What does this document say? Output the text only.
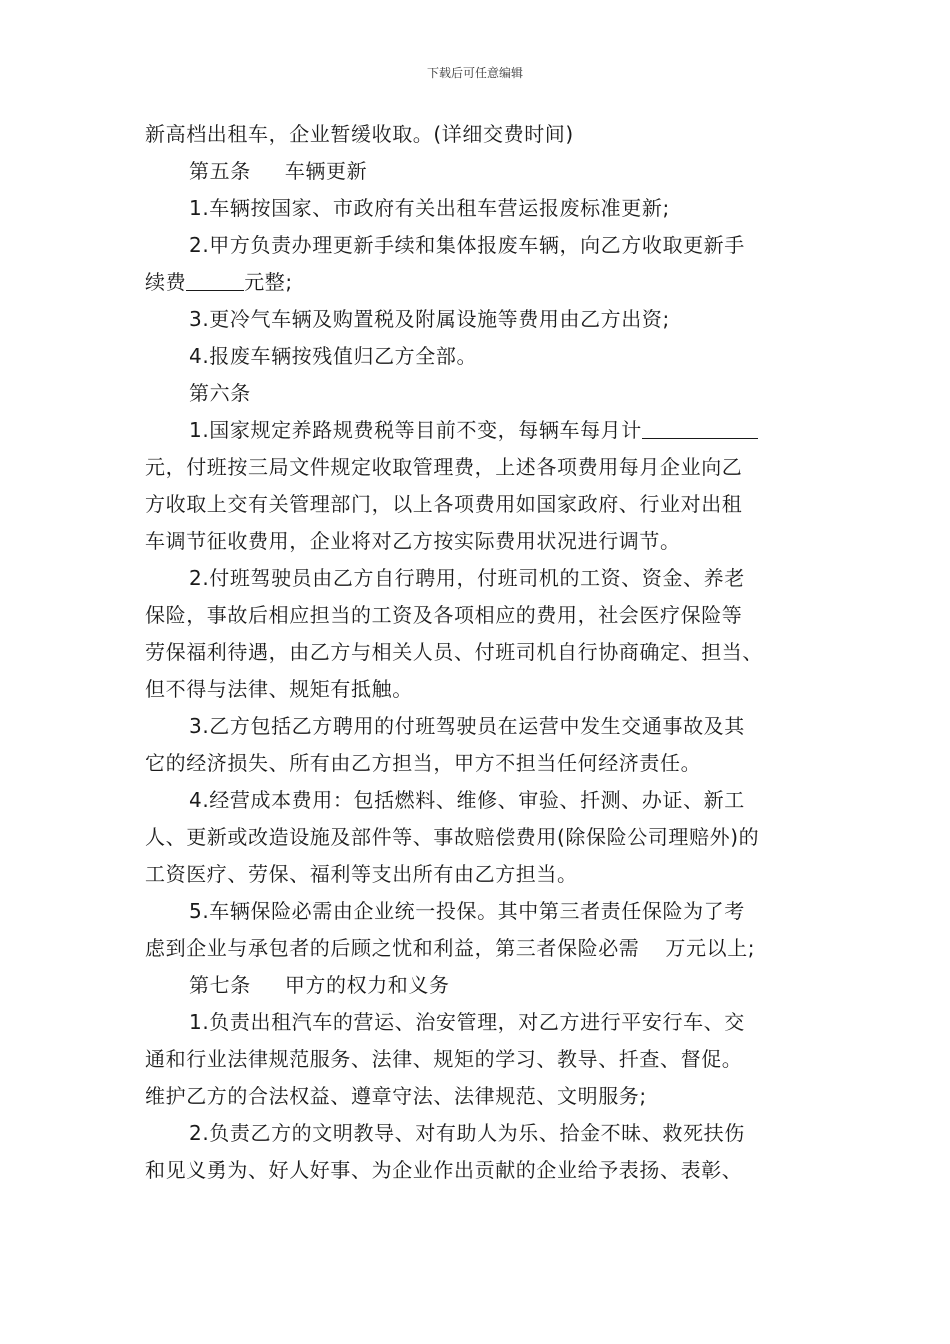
下载后可任意编辑
新高档出租车，企业暂缓收取。(详细交费时间)
第五条 车辆更新
1.车辆按国家、市政府有关出租车营运报废标准更新;
2.甲方负责办理更新手续和集体报废车辆，向乙方收取更新手
续费	元整;
3.更冷气车辆及购置税及附属设施等费用由乙方出资;
4.报废车辆按残值归乙方全部。
第六条
1.国家规定养路规费税等目前不变，每辆车每月计
元，付班按三局文件规定收取管理费，上述各项费用每月企业向乙
方收取上交有关管理部门，以上各项费用如国家政府、行业对出租
车调节征收费用，企业将对乙方按实际费用状况进行调节。
2.付班驾驶员由乙方自行聘用，付班司机的工资、资金、养老
保险，事故后相应担当的工资及各项相应的费用，社会医疗保险等
劳保福利待遇，由乙方与相关人员、付班司机自行协商确定、担当、
但不得与法律、规矩有抵触。
3.乙方包括乙方聘用的付班驾驶员在运营中发生交通事故及其
它的经济损失、所有由乙方担当，甲方不担当任何经济责任。
4.经营成本费用：包括燃料、维修、审验、扦测、办证、新工
人、更新或改造设施及部件等、事故赔偿费用(除保险公司理赔外)的
工资医疗、劳保、福利等支出所有由乙方担当。
5.车辆保险必需由企业统一投保。其中第三者责任保险为了考
虑到企业与承包者的后顾之忧和利益，第三者保险必需 万元以上;
第七条 甲方的权力和义务
1.负责出租汽车的营运、治安管理，对乙方进行平安行车、交
通和行业法律规范服务、法律、规矩的学习、教导、扦查、督促。
维护乙方的合法权益、遵章守法、法律规范、文明服务;
2.负责乙方的文明教导、对有助人为乐、拾金不昧、救死扶伤
和见义勇为、好人好事、为企业作出贡献的企业给予表扬、表彰、
